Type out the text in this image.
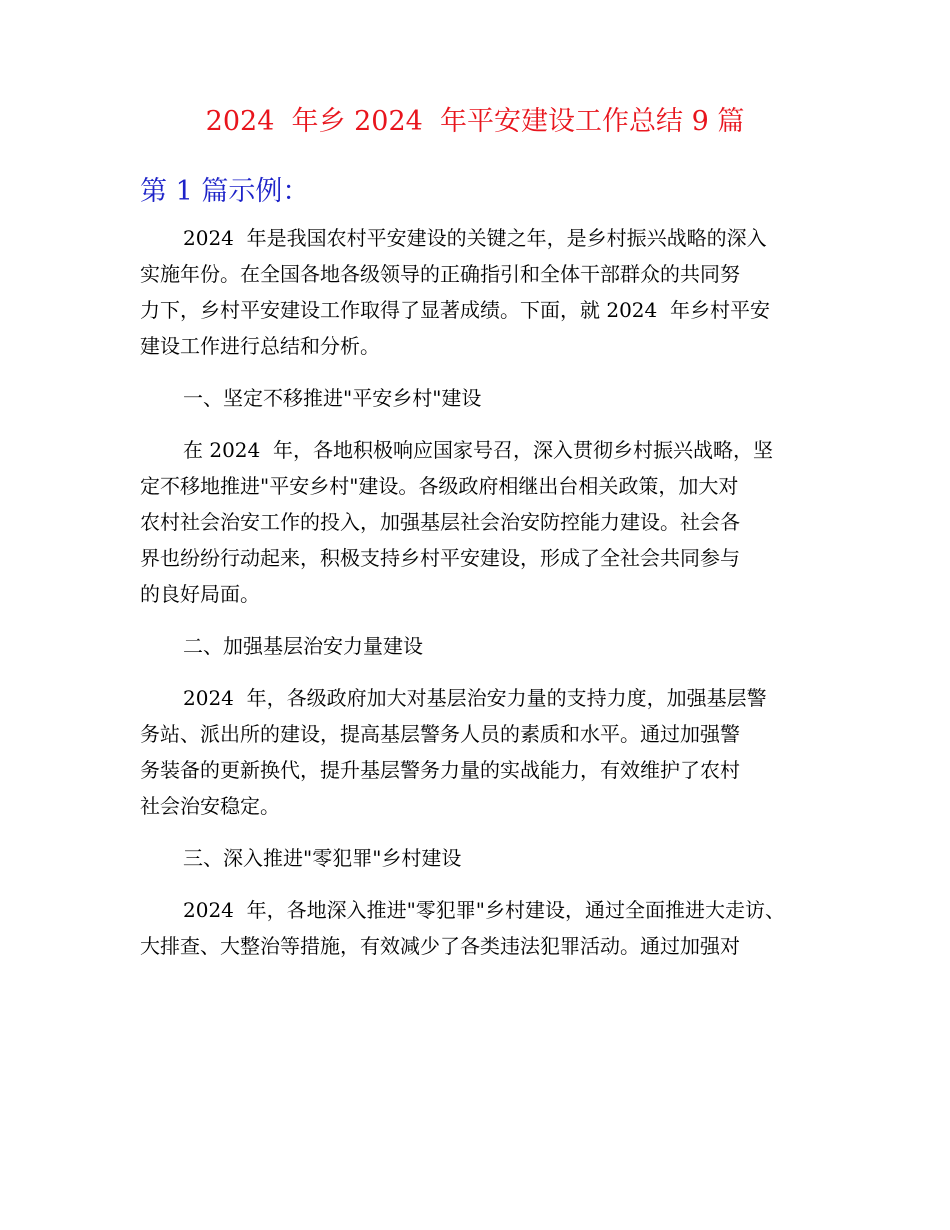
2024  年乡 2024  年平安建设工作总结 9 篇
第 1 篇示例：
2024  年是我国农村平安建设的关键之年，是乡村振兴战略的深入
实施年份。在全国各地各级领导的正确指引和全体干部群众的共同努
力下，乡村平安建设工作取得了显著成绩。下面，就 2024  年乡村平安
建设工作进行总结和分析。
一、坚定不移推进"平安乡村"建设
在 2024  年，各地积极响应国家号召，深入贯彻乡村振兴战略，坚
定不移地推进"平安乡村"建设。各级政府相继出台相关政策，加大对
农村社会治安工作的投入，加强基层社会治安防控能力建设。社会各
界也纷纷行动起来，积极支持乡村平安建设，形成了全社会共同参与
的良好局面。
二、加强基层治安力量建设
2024  年，各级政府加大对基层治安力量的支持力度，加强基层警
务站、派出所的建设，提高基层警务人员的素质和水平。通过加强警
务装备的更新换代，提升基层警务力量的实战能力，有效维护了农村
社会治安稳定。
三、深入推进"零犯罪"乡村建设
2024  年，各地深入推进"零犯罪"乡村建设，通过全面推进大走访、
大排查、大整治等措施，有效减少了各类违法犯罪活动。通过加强对
